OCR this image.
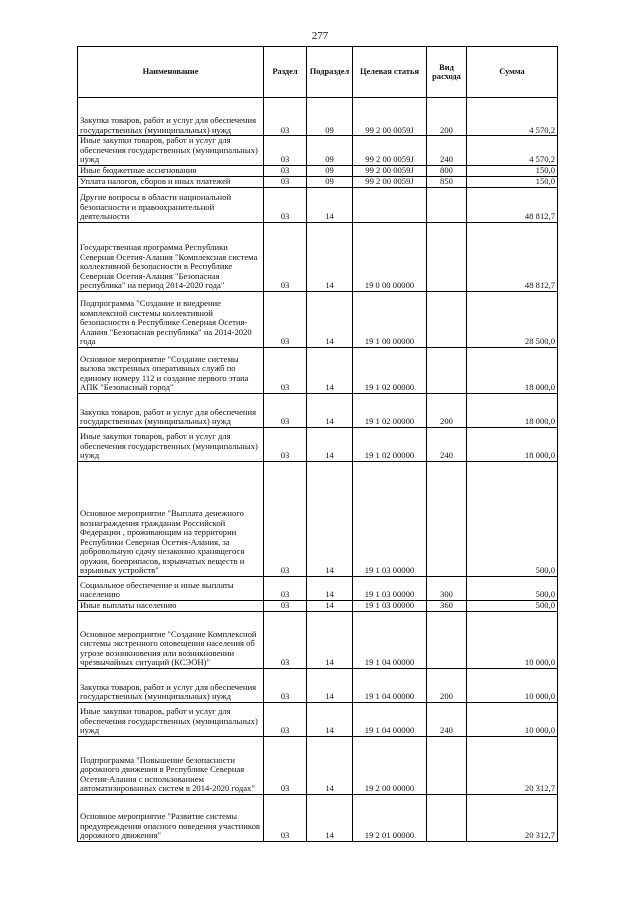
277
Наименование	Раздел	Подраздел	Целевая статья	Вид расхода	Сумма
Закупка товаров, работ и услуг для обеспечения государственных (муниципальных) нужд	03	09	99 2 00 0059J	200	4 570,2
Иные закупки товаров, работ и услуг для обеспечения государственных (муниципальных) нужд	03	09	99 2 00 0059J	240	4 570,2
Иные бюджетные ассигнования	03	09	99 2 00 0059J	800	150,0
Уплата налогов, сборов и иных платежей	03	09	99 2 00 0059J	850	150,0
Другие вопросы в области национальной безопасности и правоохранительной деятельности	03	14			48 812,7
Государственная программа Республики Северная Осетия-Алания "Комплексная система коллективной безопасности в Республике Северная Осетия-Алания "Безопасная республика" на период 2014-2020 года"	03	14	19 0 00 00000		48 812,7
Подпрограмма "Создание и внедрение комплексной системы коллективной безопасности в Республике Северная Осетия-Алания "Безопасная республика" на 2014-2020 года	03	14	19 1 00 00000		28 500,0
Основное мероприятие "Создание системы вызова экстренных оперативных служб по единому номеру 112 и создание первого этапа АПК "Безопасный город"	03	14	19 1 02 00000		18 000,0
Закупка товаров, работ и услуг для обеспечения государственных (муниципальных) нужд	03	14	19 1 02 00000	200	18 000,0
Иные закупки товаров, работ и услуг для обеспечения государственных (муниципальных) нужд	03	14	19 1 02 00000	240	18 000,0
Основное мероприятие "Выплата денежного вознаграждения гражданам Российской Федерации , проживающим на территории Республики Северная Осетия-Алания, за добровольную сдачу незаконно хранящегося оружия, боеприпасов, взрывчатых веществ и взрывных устройств"	03	14	19 1 03 00000		500,0
Социальное обеспечение и иные выплаты населению	03	14	19 1 03 00000	300	500,0
Иные выплаты населению	03	14	19 1 03 00000	360	500,0
Основное мероприятие "Создание Комплексной системы экстренного оповещения населения об угрозе возникновения или возникновении чрезвычайных ситуаций (КСЭОН)"	03	14	19 1 04 00000		10 000,0
Закупка товаров, работ и услуг для обеспечения государственных (муниципальных) нужд	03	14	19 1 04 00000	200	10 000,0
Иные закупки товаров, работ и услуг для обеспечения государственных (муниципальных) нужд	03	14	19 1 04 00000	240	10 000,0
Подпрограмма "Повышение безопасности дорожного движения в Республике Северная Осетия-Алания с использованием автоматизированных систем в 2014-2020 годах"	03	14	19 2 00 00000		20 312,7
Основное мероприятие "Развитие системы предупреждения опасного поведения участников дорожного движения"	03	14	19 2 01 00000		20 312,7
